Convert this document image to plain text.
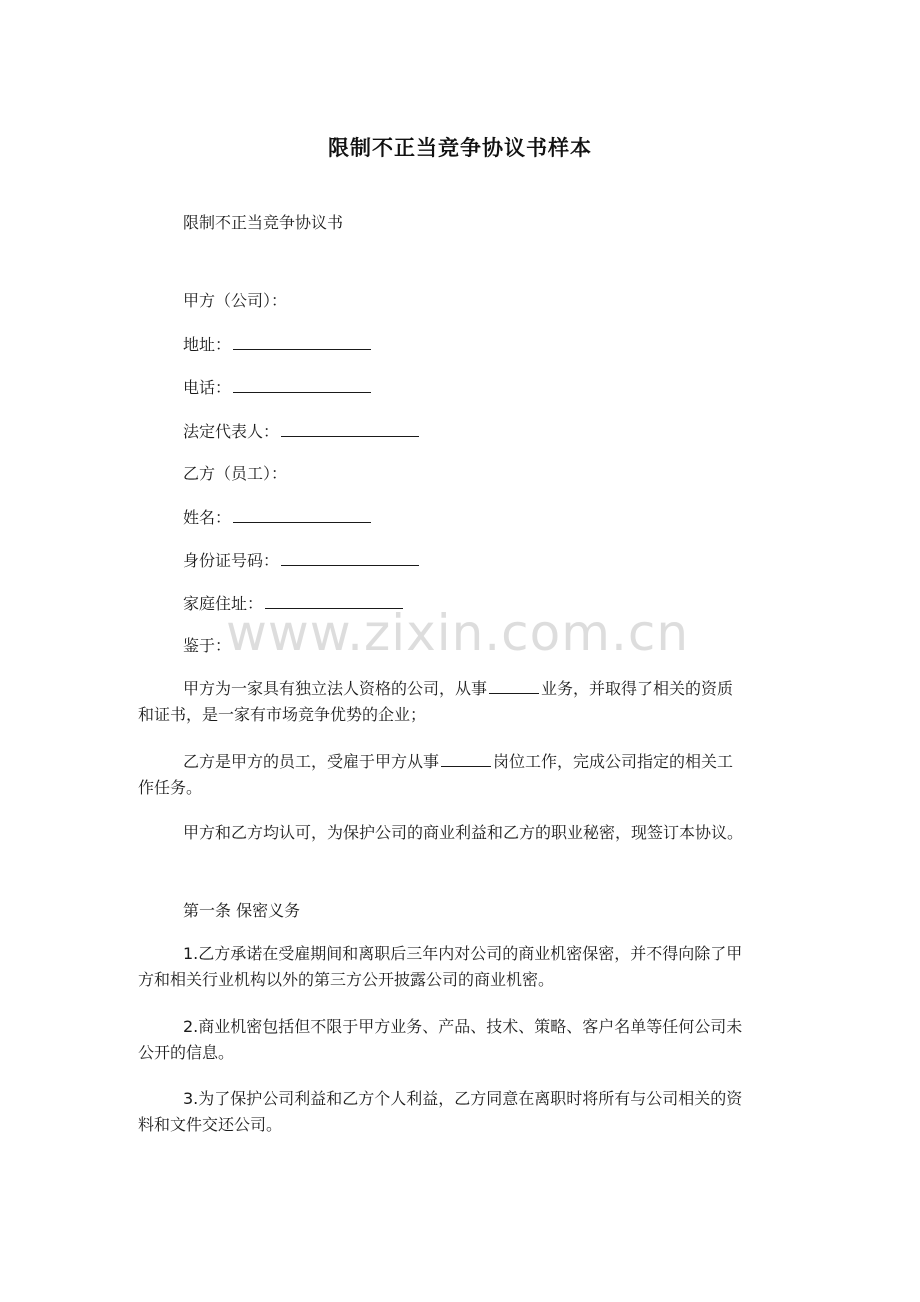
限制不正当竞争协议书样本
限制不正当竞争协议书
甲方（公司）：
地址：
电话：
法定代表人：
乙方（员工）：
姓名：
身份证号码：
家庭住址：
鉴于：
甲方为一家具有独立法人资格的公司，从事	业务，并取得了相关的资质
和证书，是一家有市场竞争优势的企业；
乙方是甲方的员工，受雇于甲方从事	岗位工作，完成公司指定的相关工
作任务。
甲方和乙方均认可，为保护公司的商业利益和乙方的职业秘密，现签订本协议。
第一条 保密义务
1.乙方承诺在受雇期间和离职后三年内对公司的商业机密保密，并不得向除了甲
方和相关行业机构以外的第三方公开披露公司的商业机密。
2.商业机密包括但不限于甲方业务、产品、技术、策略、客户名单等任何公司未
公开的信息。
3.为了保护公司利益和乙方个人利益，乙方同意在离职时将所有与公司相关的资
料和文件交还公司。
www.zixin.com.cn
